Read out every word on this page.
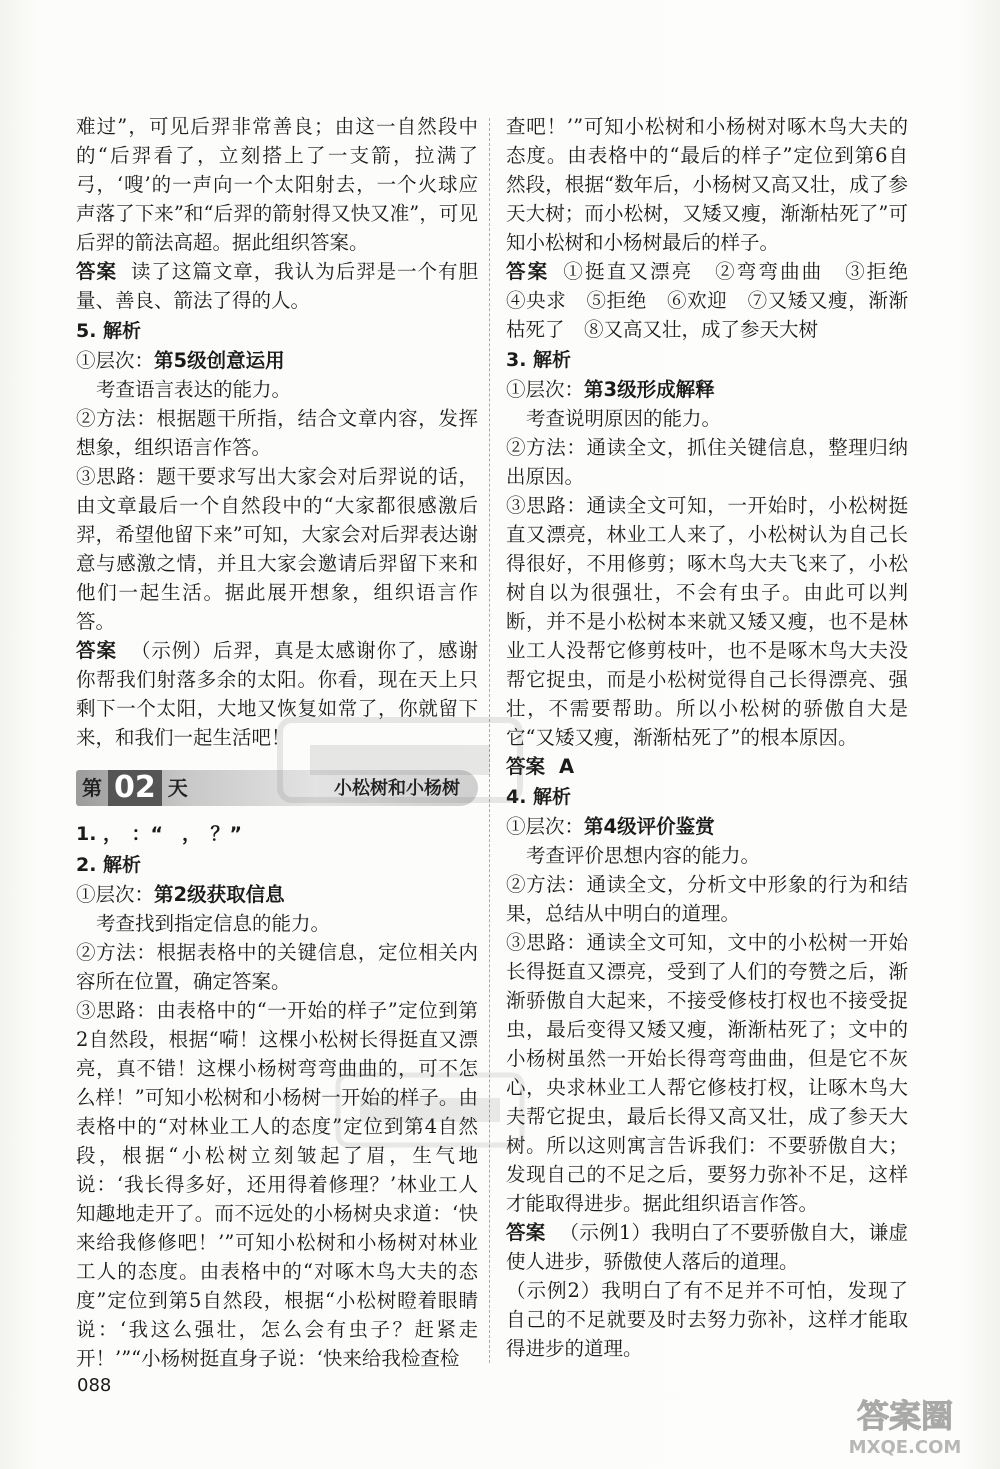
难过”，可见后羿非常善良；由这一自然段中的“后羿看了，立刻搭上了一支箭，拉满了弓，‘嗖’的一声向一个太阳射去，一个火球应声落了下来”和“后羿的箭射得又快又准”，可见后羿的箭法高超。据此组织答案。

答案 读了这篇文章，我认为后羿是一个有胆量、善良、箭法了得的人。

5. 解析

①层次：第5级创意运用

考查语言表达的能力。

②方法：根据题干所指，结合文章内容，发挥想象，组织语言作答。

③思路：题干要求写出大家会对后羿说的话，由文章最后一个自然段中的“大家都很感激后羿，希望他留下来”可知，大家会对后羿表达谢意与感激之情，并且大家会邀请后羿留下来和他们一起生活。据此展开想象，组织语言作答。

答案 （示例）后羿，真是太感谢你了，感谢你帮我们射落多余的太阳。你看，现在天上只剩下一个太阳，大地又恢复如常了，你就留下来，和我们一起生活吧！

第 02 天	小松树和小杨树

1. ，　：“　，　？”

2. 解析

①层次：第2级获取信息

考查找到指定信息的能力。

②方法：根据表格中的关键信息，定位相关内容所在位置，确定答案。

③思路：由表格中的“一开始的样子”定位到第2自然段，根据“嗬！这棵小松树长得挺直又漂亮，真不错！这棵小杨树弯弯曲曲的，可不怎么样！”可知小松树和小杨树一开始的样子。由表格中的“对林业工人的态度”定位到第4自然段，根据“小松树立刻皱起了眉，生气地说：‘我长得多好，还用得着修理？’林业工人知趣地走开了。而不远处的小杨树央求道：‘快来给我修修吧！’”可知小松树和小杨树对林业工人的态度。由表格中的“对啄木鸟大夫的态度”定位到第5自然段，根据“小松树瞪着眼睛说：‘我这么强壮，怎么会有虫子？赶紧走开！’”“小杨树挺直身子说：‘快来给我检查检

查吧！’”可知小松树和小杨树对啄木鸟大夫的态度。由表格中的“最后的样子”定位到第6自然段，根据“数年后，小杨树又高又壮，成了参天大树；而小松树，又矮又瘦，渐渐枯死了”可知小松树和小杨树最后的样子。

答案 ①挺直又漂亮　②弯弯曲曲　③拒绝　④央求　⑤拒绝　⑥欢迎　⑦又矮又瘦，渐渐枯死了　⑧又高又壮，成了参天大树

3. 解析

①层次：第3级形成解释

考查说明原因的能力。

②方法：通读全文，抓住关键信息，整理归纳出原因。

③思路：通读全文可知，一开始时，小松树挺直又漂亮，林业工人来了，小松树认为自己长得很好，不用修剪；啄木鸟大夫飞来了，小松树自以为很强壮，不会有虫子。由此可以判断，并不是小松树本来就又矮又瘦，也不是林业工人没帮它修剪枝叶，也不是啄木鸟大夫没帮它捉虫，而是小松树觉得自己长得漂亮、强壮，不需要帮助。所以小松树的骄傲自大是它“又矮又瘦，渐渐枯死了”的根本原因。

答案 A

4. 解析

①层次：第4级评价鉴赏

考查评价思想内容的能力。

②方法：通读全文，分析文中形象的行为和结果，总结从中明白的道理。

③思路：通读全文可知，文中的小松树一开始长得挺直又漂亮，受到了人们的夸赞之后，渐渐骄傲自大起来，不接受修枝打杈也不接受捉虫，最后变得又矮又瘦，渐渐枯死了；文中的小杨树虽然一开始长得弯弯曲曲，但是它不灰心，央求林业工人帮它修枝打杈，让啄木鸟大夫帮它捉虫，最后长得又高又壮，成了参天大树。所以这则寓言告诉我们：不要骄傲自大；发现自己的不足之后，要努力弥补不足，这样才能取得进步。据此组织语言作答。

答案 （示例1）我明白了不要骄傲自大，谦虚使人进步，骄傲使人落后的道理。

（示例2）我明白了有不足并不可怕，发现了自己的不足就要及时去努力弥补，这样才能取得进步的道理。

088
答案圈
MXQE.COM
